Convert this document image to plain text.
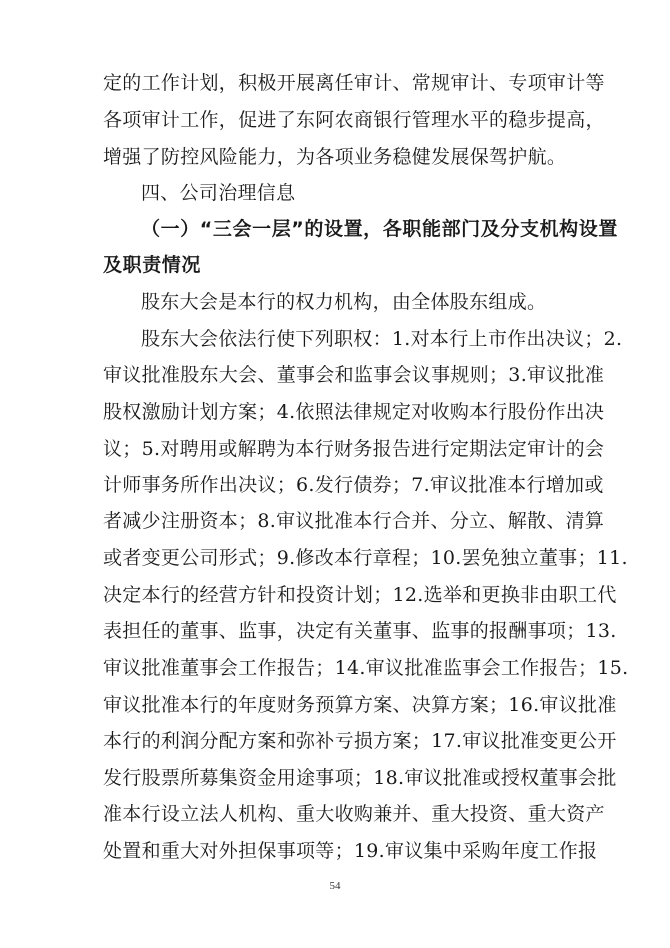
定的工作计划，积极开展离任审计、常规审计、专项审计等
各项审计工作，促进了东阿农商银行管理水平的稳步提高，
增强了防控风险能力，为各项业务稳健发展保驾护航。
四、公司治理信息
（一）“三会一层”的设置，各职能部门及分支机构设置
及职责情况
股东大会是本行的权力机构，由全体股东组成。
股东大会依法行使下列职权：1.对本行上市作出决议；2.
审议批准股东大会、董事会和监事会议事规则；3.审议批准
股权激励计划方案；4.依照法律规定对收购本行股份作出决
议；5.对聘用或解聘为本行财务报告进行定期法定审计的会
计师事务所作出决议；6.发行债券；7.审议批准本行增加或
者减少注册资本；8.审议批准本行合并、分立、解散、清算
或者变更公司形式；9.修改本行章程；10.罢免独立董事；11.
决定本行的经营方针和投资计划；12.选举和更换非由职工代
表担任的董事、监事，决定有关董事、监事的报酬事项；13.
审议批准董事会工作报告；14.审议批准监事会工作报告；15.
审议批准本行的年度财务预算方案、决算方案；16.审议批准
本行的利润分配方案和弥补亏损方案；17.审议批准变更公开
发行股票所募集资金用途事项；18.审议批准或授权董事会批
准本行设立法人机构、重大收购兼并、重大投资、重大资产
处置和重大对外担保事项等；19.审议集中采购年度工作报
54
